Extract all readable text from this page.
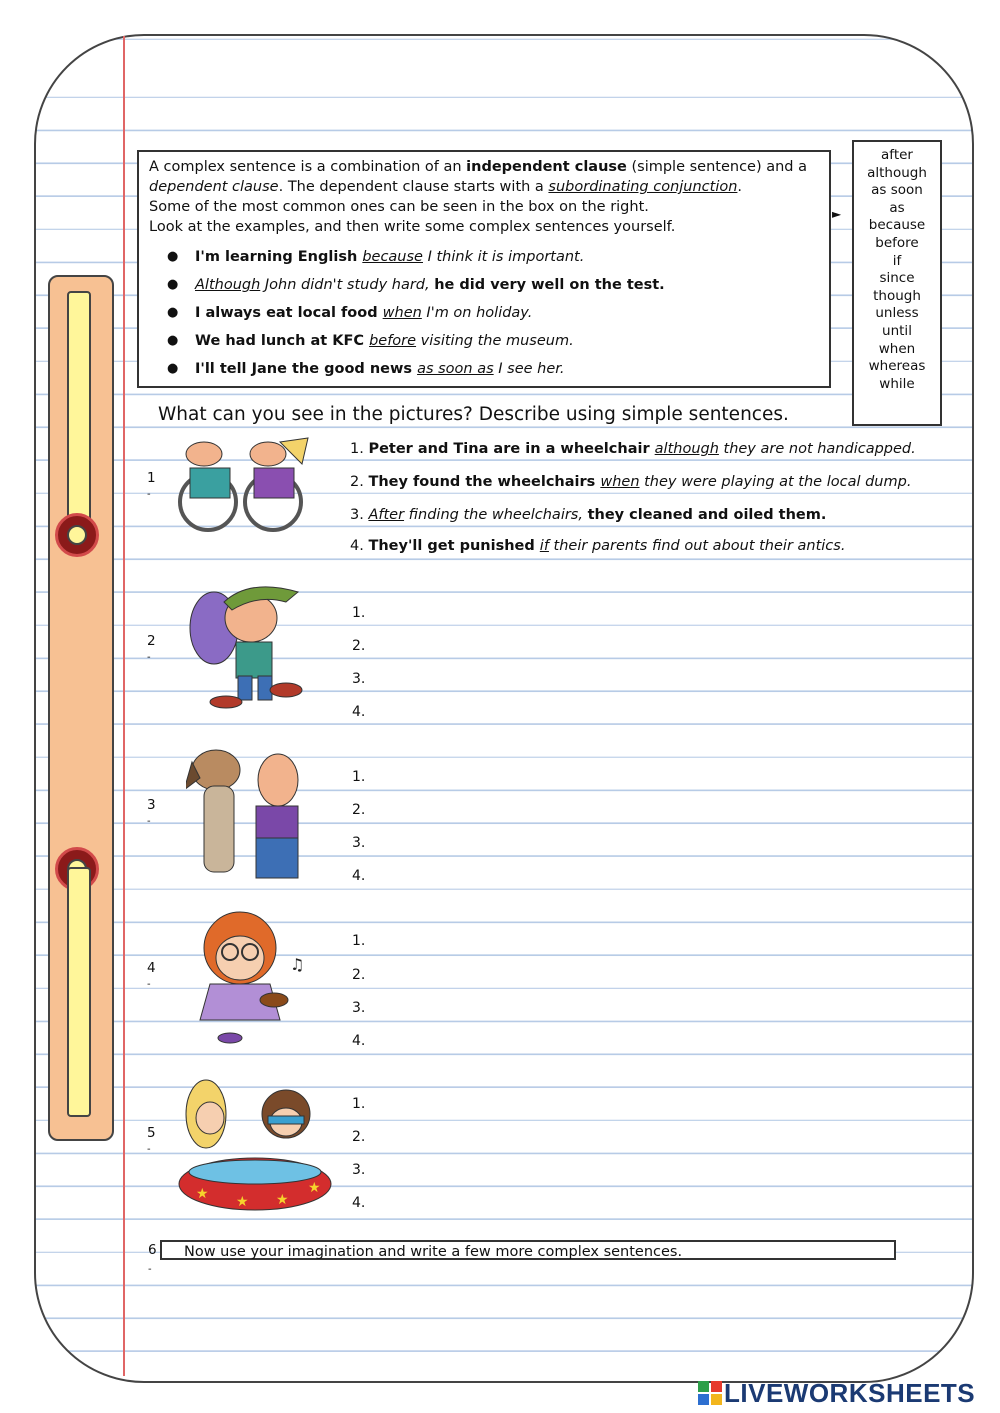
A complex sentence is a combination of an independent clause (simple sentence) and a dependent clause. The dependent clause starts with a subordinating conjunction.

Some of the most common ones can be seen in the box on the right.

Look at the examples, and then write some complex sentences yourself.

● I'm learning English because I think it is important.
● Although John didn't study hard, he did very well on the test.
● I always eat local food when I'm on holiday.
● We had lunch at KFC before visiting the museum.
● I'll tell Jane the good news as soon as I see her.
►
after
although
as soon
as
because
before
if
since
though
unless
until
when
whereas
while
What can you see in the pictures? Describe using simple sentences.
1
-
1. Peter and Tina are in a wheelchair although they are not handicapped.
2. They found the wheelchairs when they were playing at the local dump.
3. After finding the wheelchairs, they cleaned and oiled them.
4. They'll get punished if their parents find out about their antics.
2
-
1.
2.
3.
4.
3
-
1.
2.
3.
4.
4
-
♫
1.
2.
3.
4.
5
-
★ ★ ★
★
1.
2.
3.
4.
6
-
Now use your imagination and write a few more complex sentences.
LIVEWORKSHEETS
